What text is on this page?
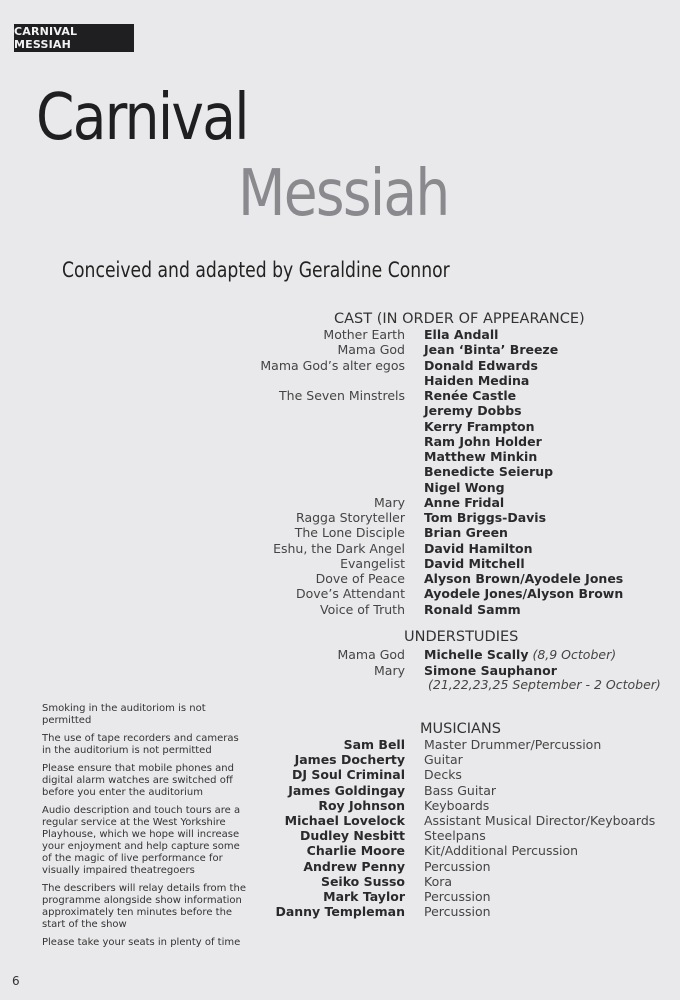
CARNIVAL MESSIAH
Carnival
Messiah
Conceived and adapted by Geraldine Connor
CAST (IN ORDER OF APPEARANCE)
Mother Earth Ella Andall
Mama God Jean ‘Binta’ Breeze
Mama God’s alter egos Donald Edwards
Haiden Medina
The Seven Minstrels Renée Castle
Jeremy Dobbs
Kerry Frampton
Ram John Holder
Matthew Minkin
Benedicte Seierup
Nigel Wong
Mary Anne Fridal
Ragga Storyteller Tom Briggs-Davis
The Lone Disciple Brian Green
Eshu, the Dark Angel David Hamilton
Evangelist David Mitchell
Dove of Peace Alyson Brown/Ayodele Jones
Dove’s Attendant Ayodele Jones/Alyson Brown
Voice of Truth Ronald Samm
UNDERSTUDIES
Mama God Michelle Scally (8,9 October)
Mary Simone Sauphanor
(21,22,23,25 September - 2 October)
MUSICIANS
Sam Bell Master Drummer/Percussion
James Docherty Guitar
DJ Soul Criminal Decks
James Goldingay Bass Guitar
Roy Johnson Keyboards
Michael Lovelock Assistant Musical Director/Keyboards
Dudley Nesbitt Steelpans
Charlie Moore Kit/Additional Percussion
Andrew Penny Percussion
Seiko Susso Kora
Mark Taylor Percussion
Danny Templeman Percussion

Smoking in the auditoriom is not permitted

The use of tape recorders and cameras in the auditorium is not permitted

Please ensure that mobile phones and digital alarm watches are switched off before you enter the auditorium

Audio description and touch tours are a regular service at the West Yorkshire Playhouse, which we hope will increase your enjoyment and help capture some of the magic of live performance for visually impaired theatregoers

The describers will relay details from the programme alongside show information approximately ten minutes before the start of the show

Please take your seats in plenty of time

6
